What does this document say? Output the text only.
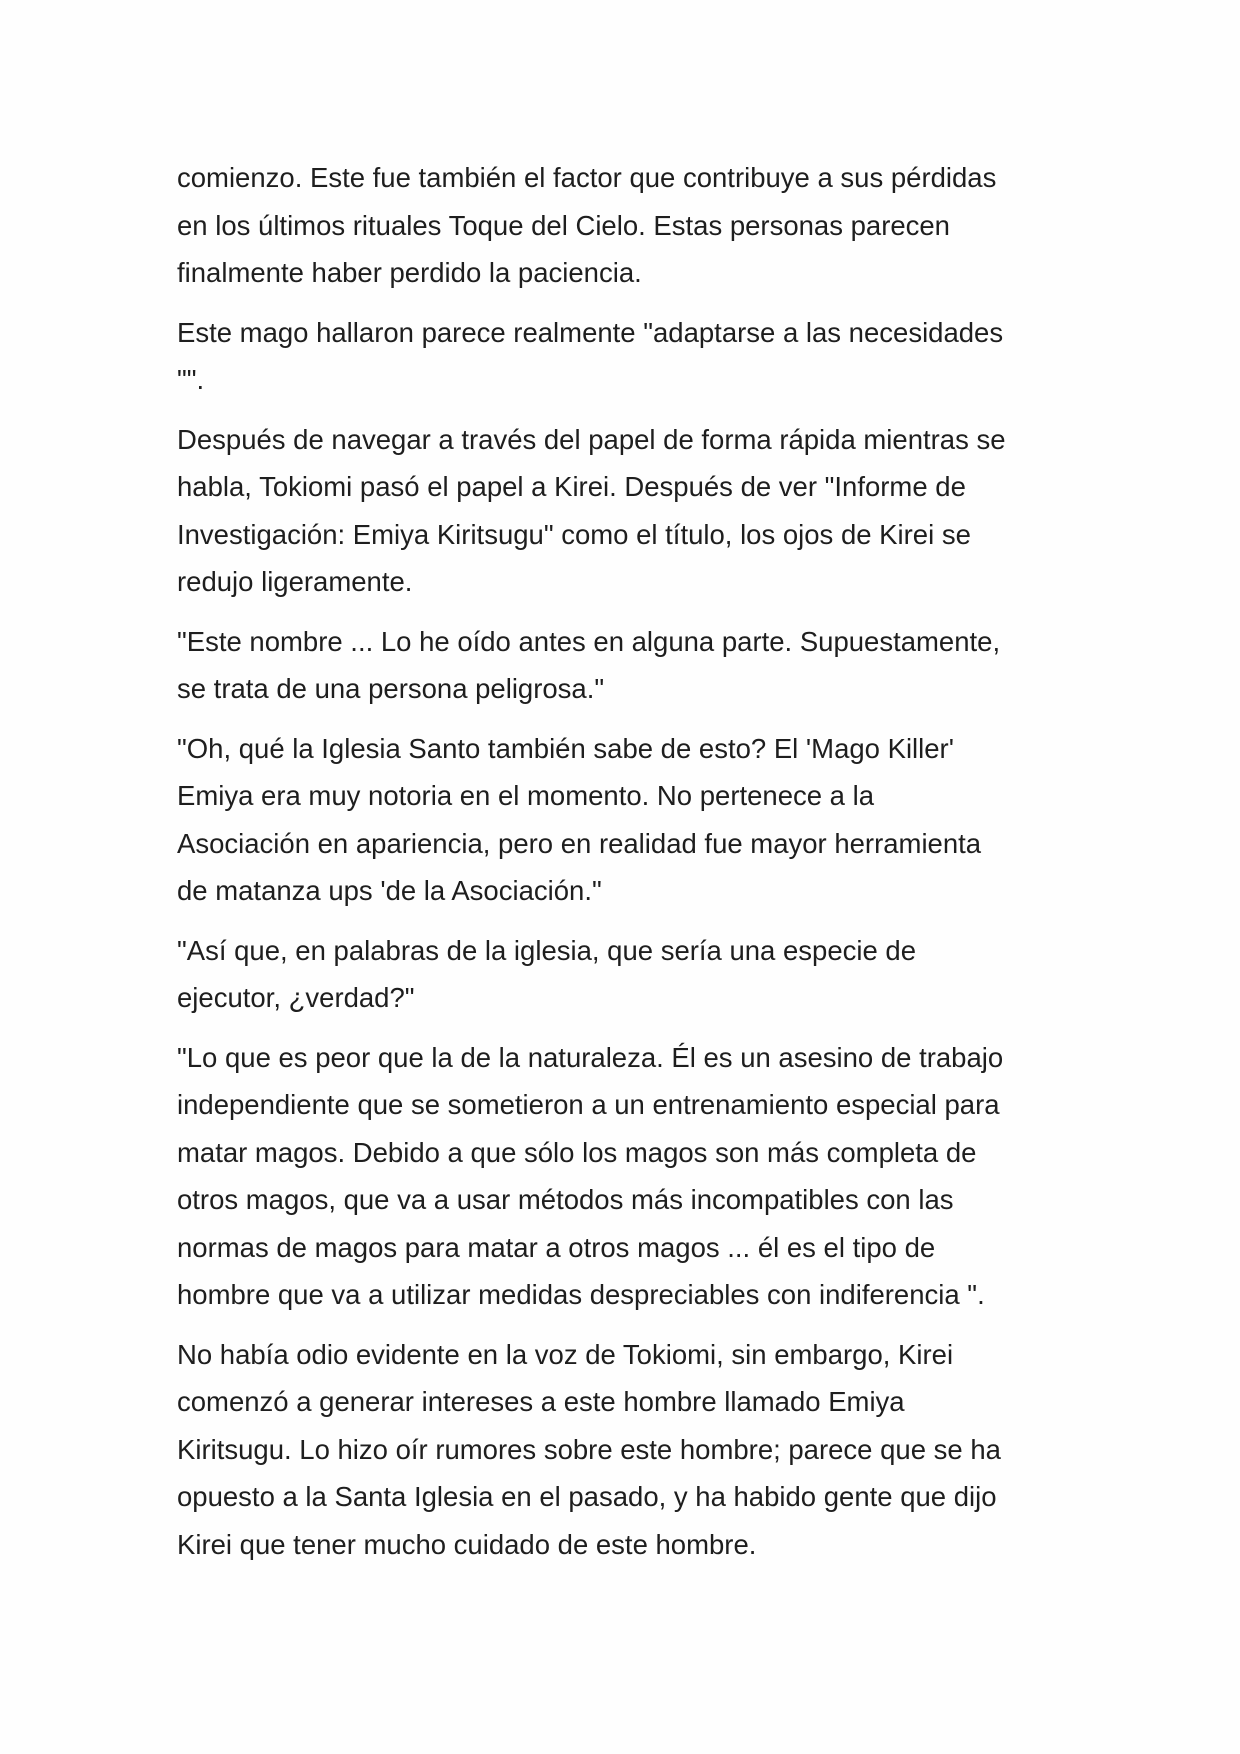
comienzo. Este fue también el factor que contribuye a sus pérdidas
en los últimos rituales Toque del Cielo. Estas personas parecen
finalmente haber perdido la paciencia.

Este mago hallaron parece realmente "adaptarse a las necesidades
"".

Después de navegar a través del papel de forma rápida mientras se
habla, Tokiomi pasó el papel a Kirei. Después de ver "Informe de
Investigación: Emiya Kiritsugu" como el título, los ojos de Kirei se
redujo ligeramente.

"Este nombre ... Lo he oído antes en alguna parte. Supuestamente,
se trata de una persona peligrosa."

"Oh, qué la Iglesia Santo también sabe de esto? El 'Mago Killer'
Emiya era muy notoria en el momento. No pertenece a la
Asociación en apariencia, pero en realidad fue mayor herramienta
de matanza ups 'de la Asociación."

"Así que, en palabras de la iglesia, que sería una especie de
ejecutor, ¿verdad?"

"Lo que es peor que la de la naturaleza. Él es un asesino de trabajo
independiente que se sometieron a un entrenamiento especial para
matar magos. Debido a que sólo los magos son más completa de
otros magos, que va a usar métodos más incompatibles con las
normas de magos para matar a otros magos ... él es el tipo de
hombre que va a utilizar medidas despreciables con indiferencia ".

No había odio evidente en la voz de Tokiomi, sin embargo, Kirei
comenzó a generar intereses a este hombre llamado Emiya
Kiritsugu. Lo hizo oír rumores sobre este hombre; parece que se ha
opuesto a la Santa Iglesia en el pasado, y ha habido gente que dijo
Kirei que tener mucho cuidado de este hombre.
